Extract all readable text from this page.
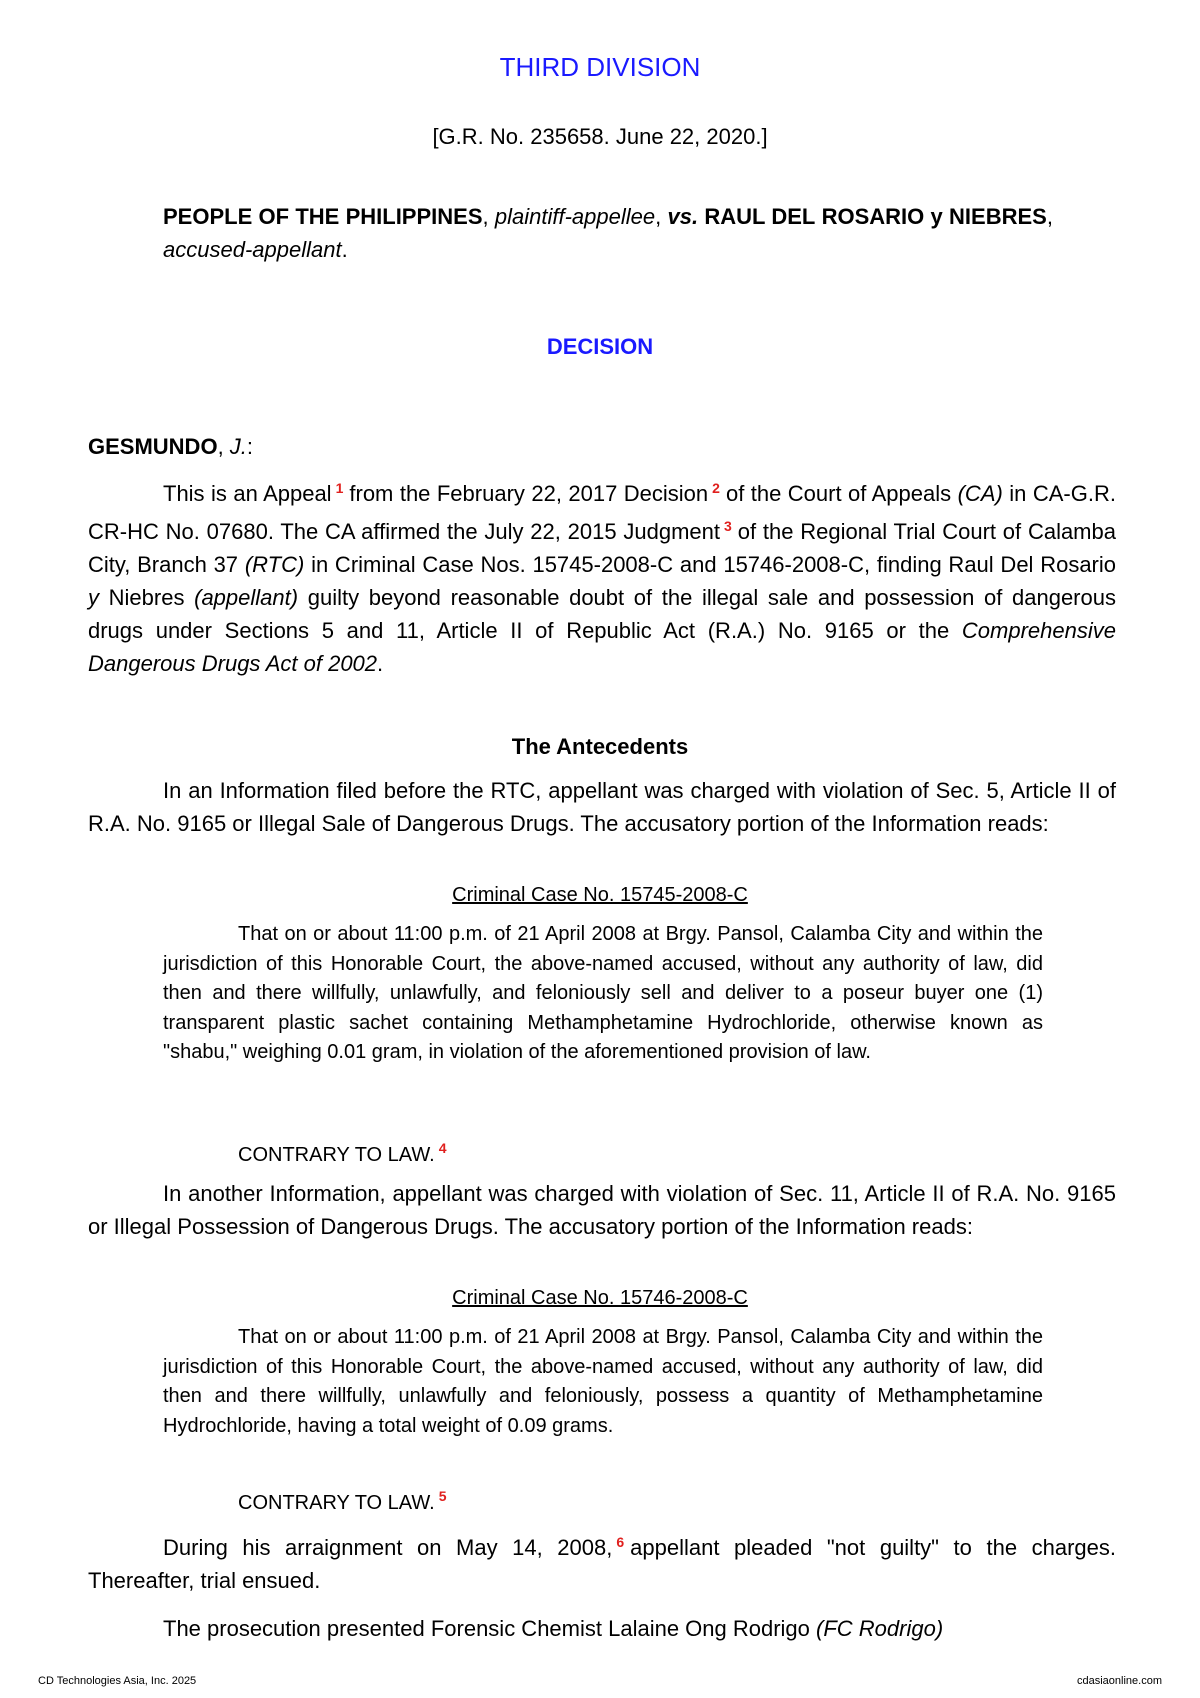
THIRD DIVISION
[G.R. No. 235658. June 22, 2020.]
PEOPLE OF THE PHILIPPINES, plaintiff-appellee, vs. RAUL DEL ROSARIO y NIEBRES, accused-appellant.
DECISION
GESMUNDO, J.:

This is an Appeal $^1$ from the February 22, 2017 Decision $^2$ of the Court of Appeals (CA) in CA-G.R. CR-HC No. 07680. The CA affirmed the July 22, 2015 Judgment $^3$ of the Regional Trial Court of Calamba City, Branch 37 (RTC) in Criminal Case Nos. 15745-2008-C and 15746-2008-C, finding Raul Del Rosario y Niebres (appellant) guilty beyond reasonable doubt of the illegal sale and possession of dangerous drugs under Sections 5 and 11, Article II of Republic Act (R.A.) No. 9165 or the Comprehensive Dangerous Drugs Act of 2002.

The Antecedents

In an Information filed before the RTC, appellant was charged with violation of Sec. 5, Article II of R.A. No. 9165 or Illegal Sale of Dangerous Drugs. The accusatory portion of the Information reads:

Criminal Case No. 15745-2008-C

That on or about 11:00 p.m. of 21 April 2008 at Brgy. Pansol, Calamba City and within the jurisdiction of this Honorable Court, the above-named accused, without any authority of law, did then and there willfully, unlawfully, and feloniously sell and deliver to a poseur buyer one (1) transparent plastic sachet containing Methamphetamine Hydrochloride, otherwise known as "shabu," weighing 0.01 gram, in violation of the aforementioned provision of law.

CONTRARY TO LAW. $^4$

In another Information, appellant was charged with violation of Sec. 11, Article II of R.A. No. 9165 or Illegal Possession of Dangerous Drugs. The accusatory portion of the Information reads:

Criminal Case No. 15746-2008-C

That on or about 11:00 p.m. of 21 April 2008 at Brgy. Pansol, Calamba City and within the jurisdiction of this Honorable Court, the above-named accused, without any authority of law, did then and there willfully, unlawfully and feloniously, possess a quantity of Methamphetamine Hydrochloride, having a total weight of 0.09 grams.

CONTRARY TO LAW. $^5$

During his arraignment on May 14, 2008, $^6$ appellant pleaded "not guilty" to the charges. Thereafter, trial ensued.

The prosecution presented Forensic Chemist Lalaine Ong Rodrigo (FC Rodrigo)

CD Technologies Asia, Inc. 2025	cdasiaonline.com
